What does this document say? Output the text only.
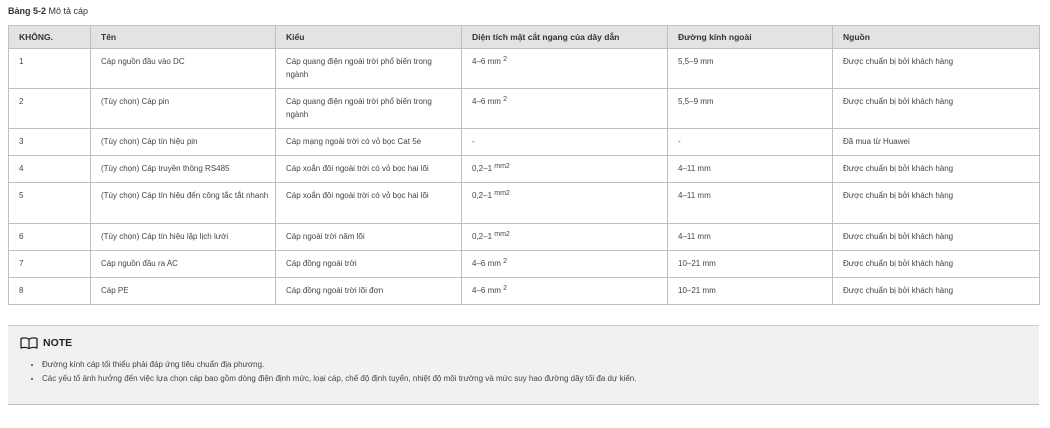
Bảng 5-2 Mô tả cáp
KHÔNG.	Tên	Kiểu	Diện tích mặt cắt ngang của dây dẫn	Đường kính ngoài	Nguồn
1	Cáp nguồn đầu vào DC	Cáp quang điện ngoài trời phổ biến trong ngành	4–6 mm $^2$	5,5–9 mm	Được chuẩn bị bởi khách hàng
2	(Tùy chọn) Cáp pin	Cáp quang điện ngoài trời phổ biến trong ngành	4–6 mm $^2$	5,5–9 mm	Được chuẩn bị bởi khách hàng
3	(Tùy chọn) Cáp tín hiệu pin	Cáp mạng ngoài trời có vỏ bọc Cat 5e	-	-	Đã mua từ Huawei
4	(Tùy chọn) Cáp truyền thông RS485	Cáp xoắn đôi ngoài trời có vỏ bọc hai lõi	0,2–1 $^{mm2}$	4–11 mm	Được chuẩn bị bởi khách hàng
5	(Tùy chọn) Cáp tín hiệu đến công tắc tắt nhanh	Cáp xoắn đôi ngoài trời có vỏ bọc hai lõi	0,2–1 $^{mm2}$	4–11 mm	Được chuẩn bị bởi khách hàng
6	(Tùy chọn) Cáp tín hiệu lập lịch lưới	Cáp ngoài trời năm lõi	0,2–1 $^{mm2}$	4–11 mm	Được chuẩn bị bởi khách hàng
7	Cáp nguồn đầu ra AC	Cáp đồng ngoài trời	4–6 mm $^2$	10–21 mm	Được chuẩn bị bởi khách hàng
8	Cáp PE	Cáp đồng ngoài trời lõi đơn	4–6 mm $^2$	10–21 mm	Được chuẩn bị bởi khách hàng
NOTE
• Đường kính cáp tối thiểu phải đáp ứng tiêu chuẩn địa phương.
• Các yếu tố ảnh hưởng đến việc lựa chọn cáp bao gồm dòng điện định mức, loại cáp, chế độ định tuyến, nhiệt độ môi trường và mức suy hao đường dây tối đa dự kiến.
